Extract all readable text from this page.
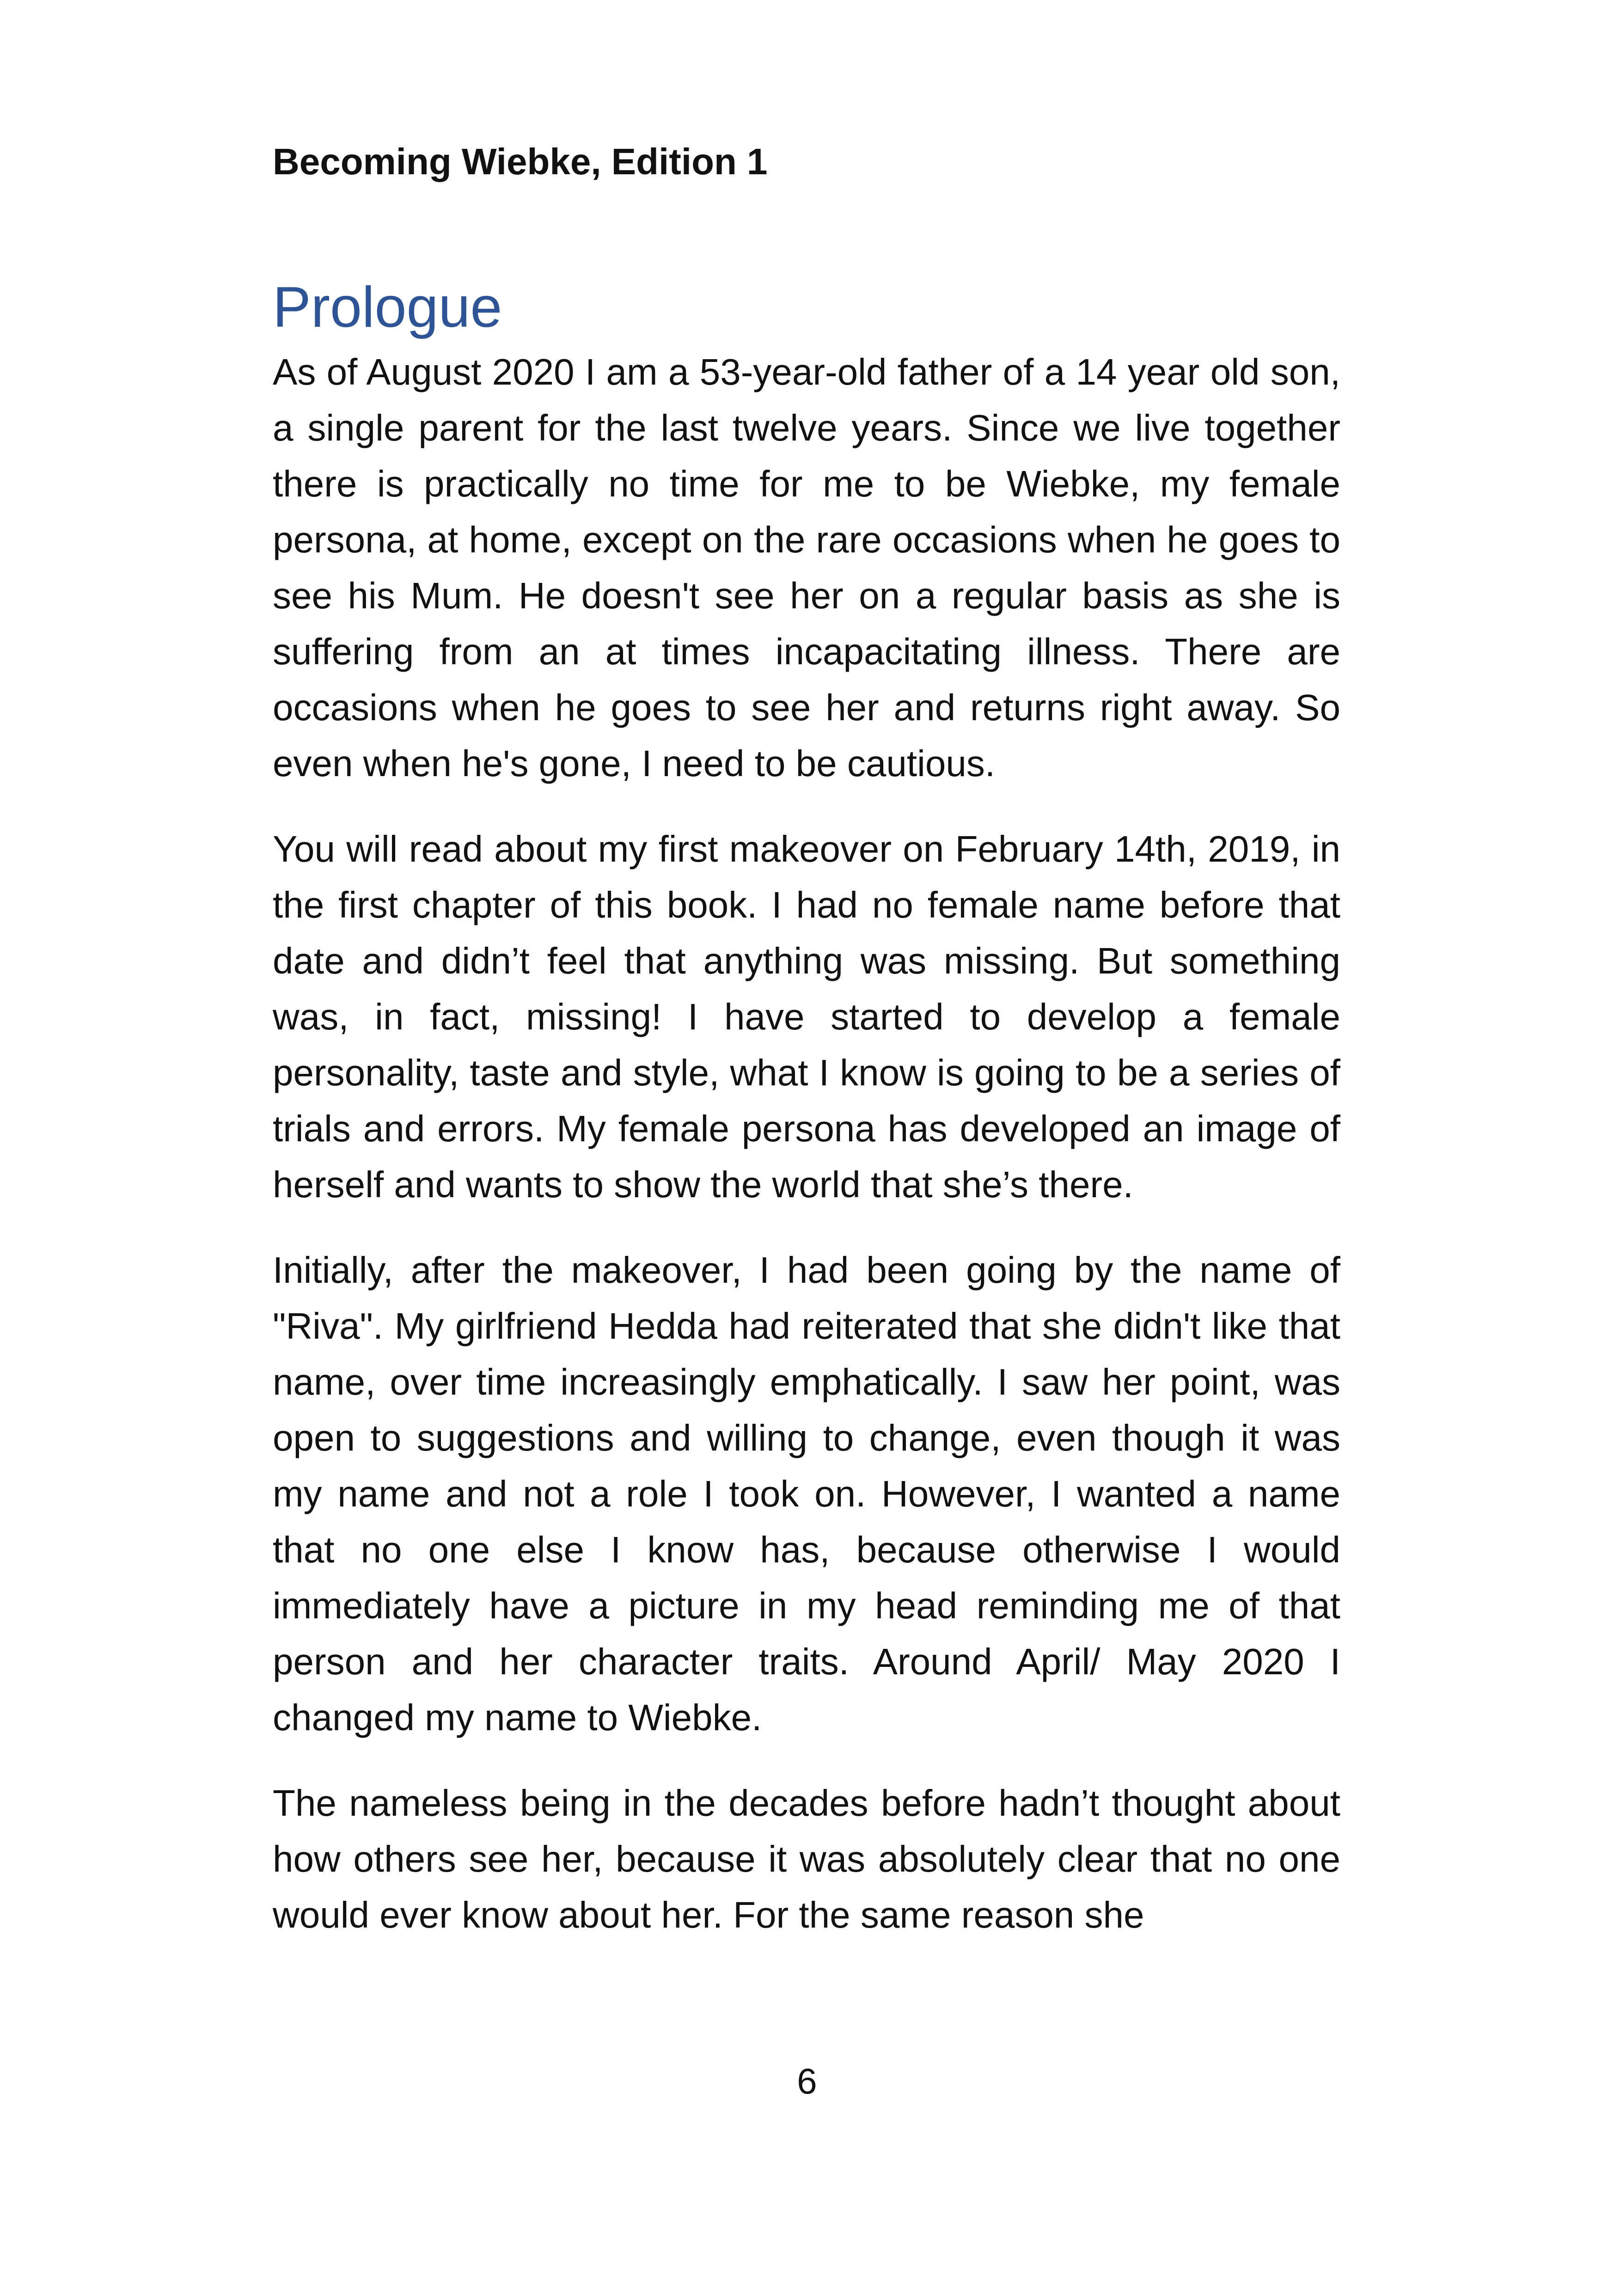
Becoming Wiebke, Edition 1
Prologue

As of August 2020 I am a 53-year-old father of a 14 year old son, a single parent for the last twelve years. Since we live together there is practically no time for me to be Wiebke, my female persona, at home, except on the rare occasions when he goes to see his Mum. He doesn't see her on a regular basis as she is suffering from an at times incapacitating illness. There are occasions when he goes to see her and returns right away. So even when he's gone, I need to be cautious.

You will read about my first makeover on February 14th, 2019, in the first chapter of this book. I had no female name before that date and didn’t feel that anything was missing. But something was, in fact, missing! I have started to develop a female personality, taste and style, what I know is going to be a series of trials and errors. My female persona has developed an image of herself and wants to show the world that she’s there.

Initially, after the makeover, I had been going by the name of "Riva". My girlfriend Hedda had reiterated that she didn't like that name, over time increasingly emphatically. I saw her point, was open to suggestions and willing to change, even though it was my name and not a role I took on. However, I wanted a name that no one else I know has, because otherwise I would immediately have a picture in my head reminding me of that person and her character traits. Around April/ May 2020 I changed my name to Wiebke.

The nameless being in the decades before hadn’t thought about how others see her, because it was absolutely clear that no one would ever know about her. For the same reason she

6
